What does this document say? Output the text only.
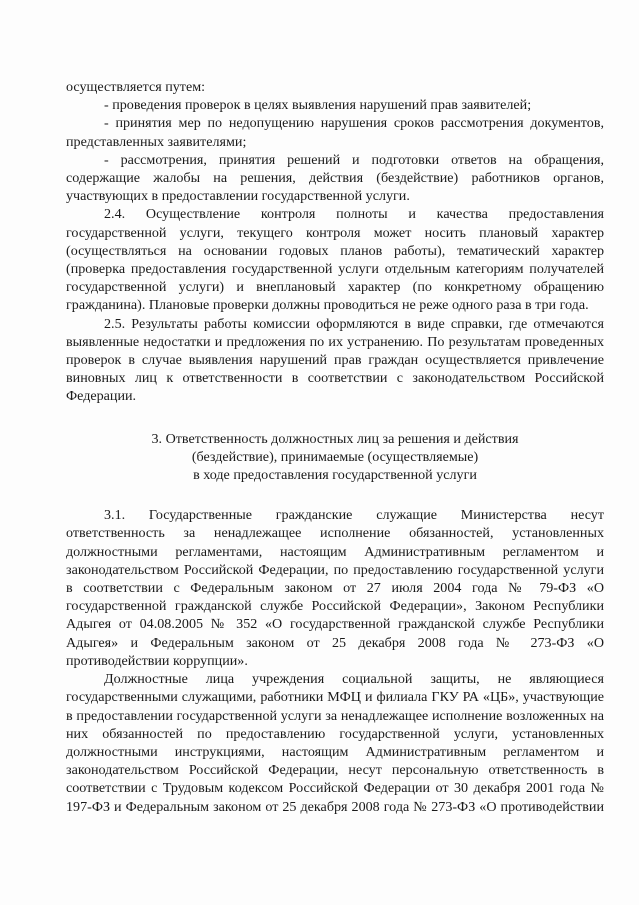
осуществляется путем:

- проведения проверок в целях выявления нарушений прав заявителей;

- принятия мер по недопущению нарушения сроков рассмотрения документов, представленных заявителями;

- рассмотрения, принятия решений и подготовки ответов на обращения, содержащие жалобы на решения, действия (бездействие) работников органов, участвующих в предоставлении государственной услуги.

2.4. Осуществление контроля полноты и качества предоставления государственной услуги, текущего контроля может носить плановый характер (осуществляться на основании годовых планов работы), тематический характер (проверка предоставления государственной услуги отдельным категориям получателей государственной услуги) и внеплановый характер (по конкретному обращению гражданина). Плановые проверки должны проводиться не реже одного раза в три года.

2.5. Результаты работы комиссии оформляются в виде справки, где отмечаются выявленные недостатки и предложения по их устранению. По результатам проведенных проверок в случае выявления нарушений прав граждан осуществляется привлечение виновных лиц к ответственности в соответствии с законодательством Российской Федерации.

3. Ответственность должностных лиц за решения и действия
(бездействие), принимаемые (осуществляемые)
в ходе предоставления государственной услуги

3.1. Государственные гражданские служащие Министерства несут ответственность за ненадлежащее исполнение обязанностей, установленных должностными регламентами, настоящим Административным регламентом и законодательством Российской Федерации, по предоставлению государственной услуги в соответствии с Федеральным законом от 27 июля 2004 года № 79-ФЗ «О государственной гражданской службе Российской Федерации», Законом Республики Адыгея от 04.08.2005 № 352 «О государственной гражданской службе Республики Адыгея» и Федеральным законом от 25 декабря 2008 года № 273-ФЗ «О противодействии коррупции».

Должностные лица учреждения социальной защиты, не являющиеся государственными служащими, работники МФЦ и филиала ГКУ РА «ЦБ», участвующие в предоставлении государственной услуги за ненадлежащее исполнение возложенных на них обязанностей по предоставлению государственной услуги, установленных должностными инструкциями, настоящим Административным регламентом и законодательством Российской Федерации, несут персональную ответственность в соответствии с Трудовым кодексом Российской Федерации от 30 декабря 2001 года № 197-ФЗ и Федеральным законом от 25 декабря 2008 года № 273-ФЗ «О противодействии
